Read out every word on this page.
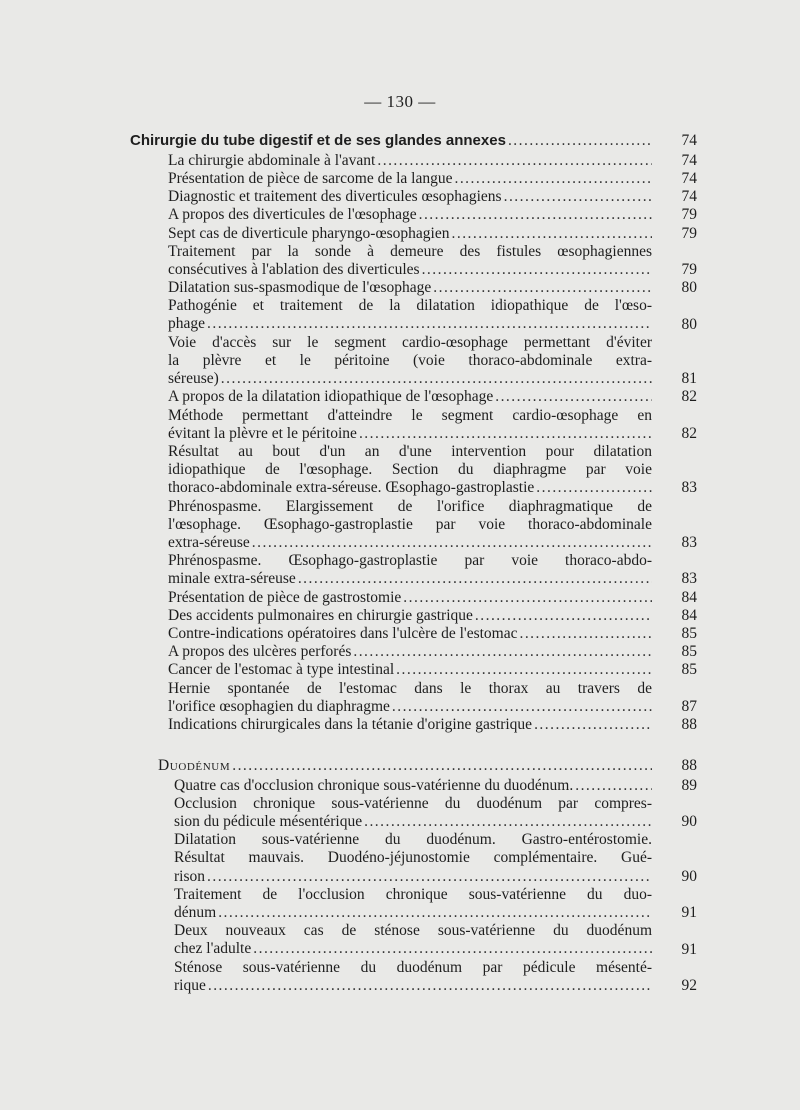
— 130 —
Chirurgie du tube digestif et de ses glandes annexes . . .	74
La chirurgie abdominale à l'avant . . .	74
Présentation de pièce de sarcome de la langue . . .	74
Diagnostic et traitement des diverticules œsophagiens . . .	74
A propos des diverticules de l'œsophage . . .	79
Sept cas de diverticule pharyngo-œsophagien . . .	79
Traitement par la sonde à demeure des fistules œsophagiennes
consécutives à l'ablation des diverticules . . .	79
Dilatation sus-spasmodique de l'œsophage . . .	80
Pathogénie et traitement de la dilatation idiopathique de l'œso-
phage . . .	80
Voie d'accès sur le segment cardio-œsophage permettant d'éviter
la plèvre et le péritoine (voie thoraco-abdominale extra-
séreuse) . . .	81
A propos de la dilatation idiopathique de l'œsophage . . .	82
Méthode permettant d'atteindre le segment cardio-œsophage en
évitant la plèvre et le péritoine . . .	82
Résultat au bout d'un an d'une intervention pour dilatation
idiopathique de l'œsophage. Section du diaphragme par voie
thoraco-abdominale extra-séreuse. Œsophago-gastroplastie . . .	83
Phrénospasme. Elargissement de l'orifice diaphragmatique de
l'œsophage. Œsophago-gastroplastie par voie thoraco-abdominale
extra-séreuse . . .	83
Phrénospasme. Œsophago-gastroplastie par voie thoraco-abdo-
minale extra-séreuse . . .	83
Présentation de pièce de gastrostomie . . .	84
Des accidents pulmonaires en chirurgie gastrique . . .	84
Contre-indications opératoires dans l'ulcère de l'estomac . . .	85
A propos des ulcères perforés . . .	85
Cancer de l'estomac à type intestinal . . .	85
Hernie spontanée de l'estomac dans le thorax au travers de
l'orifice œsophagien du diaphragme . . .	87
Indications chirurgicales dans la tétanie d'origine gastrique . . .	88
Duodénum . . .	88
Quatre cas d'occlusion chronique sous-vatérienne du duodénum. . . .	89
Occlusion chronique sous-vatérienne du duodénum par compres-
sion du pédicule mésentérique . . .	90
Dilatation sous-vatérienne du duodénum. Gastro-entérostomie.
Résultat mauvais. Duodéno-jéjunostomie complémentaire. Gué-
rison . . .	90
Traitement de l'occlusion chronique sous-vatérienne du duo-
dénum . . .	91
Deux nouveaux cas de sténose sous-vatérienne du duodénum
chez l'adulte . . .	91
Sténose sous-vatérienne du duodénum par pédicule mésenté-
rique . . .	92
